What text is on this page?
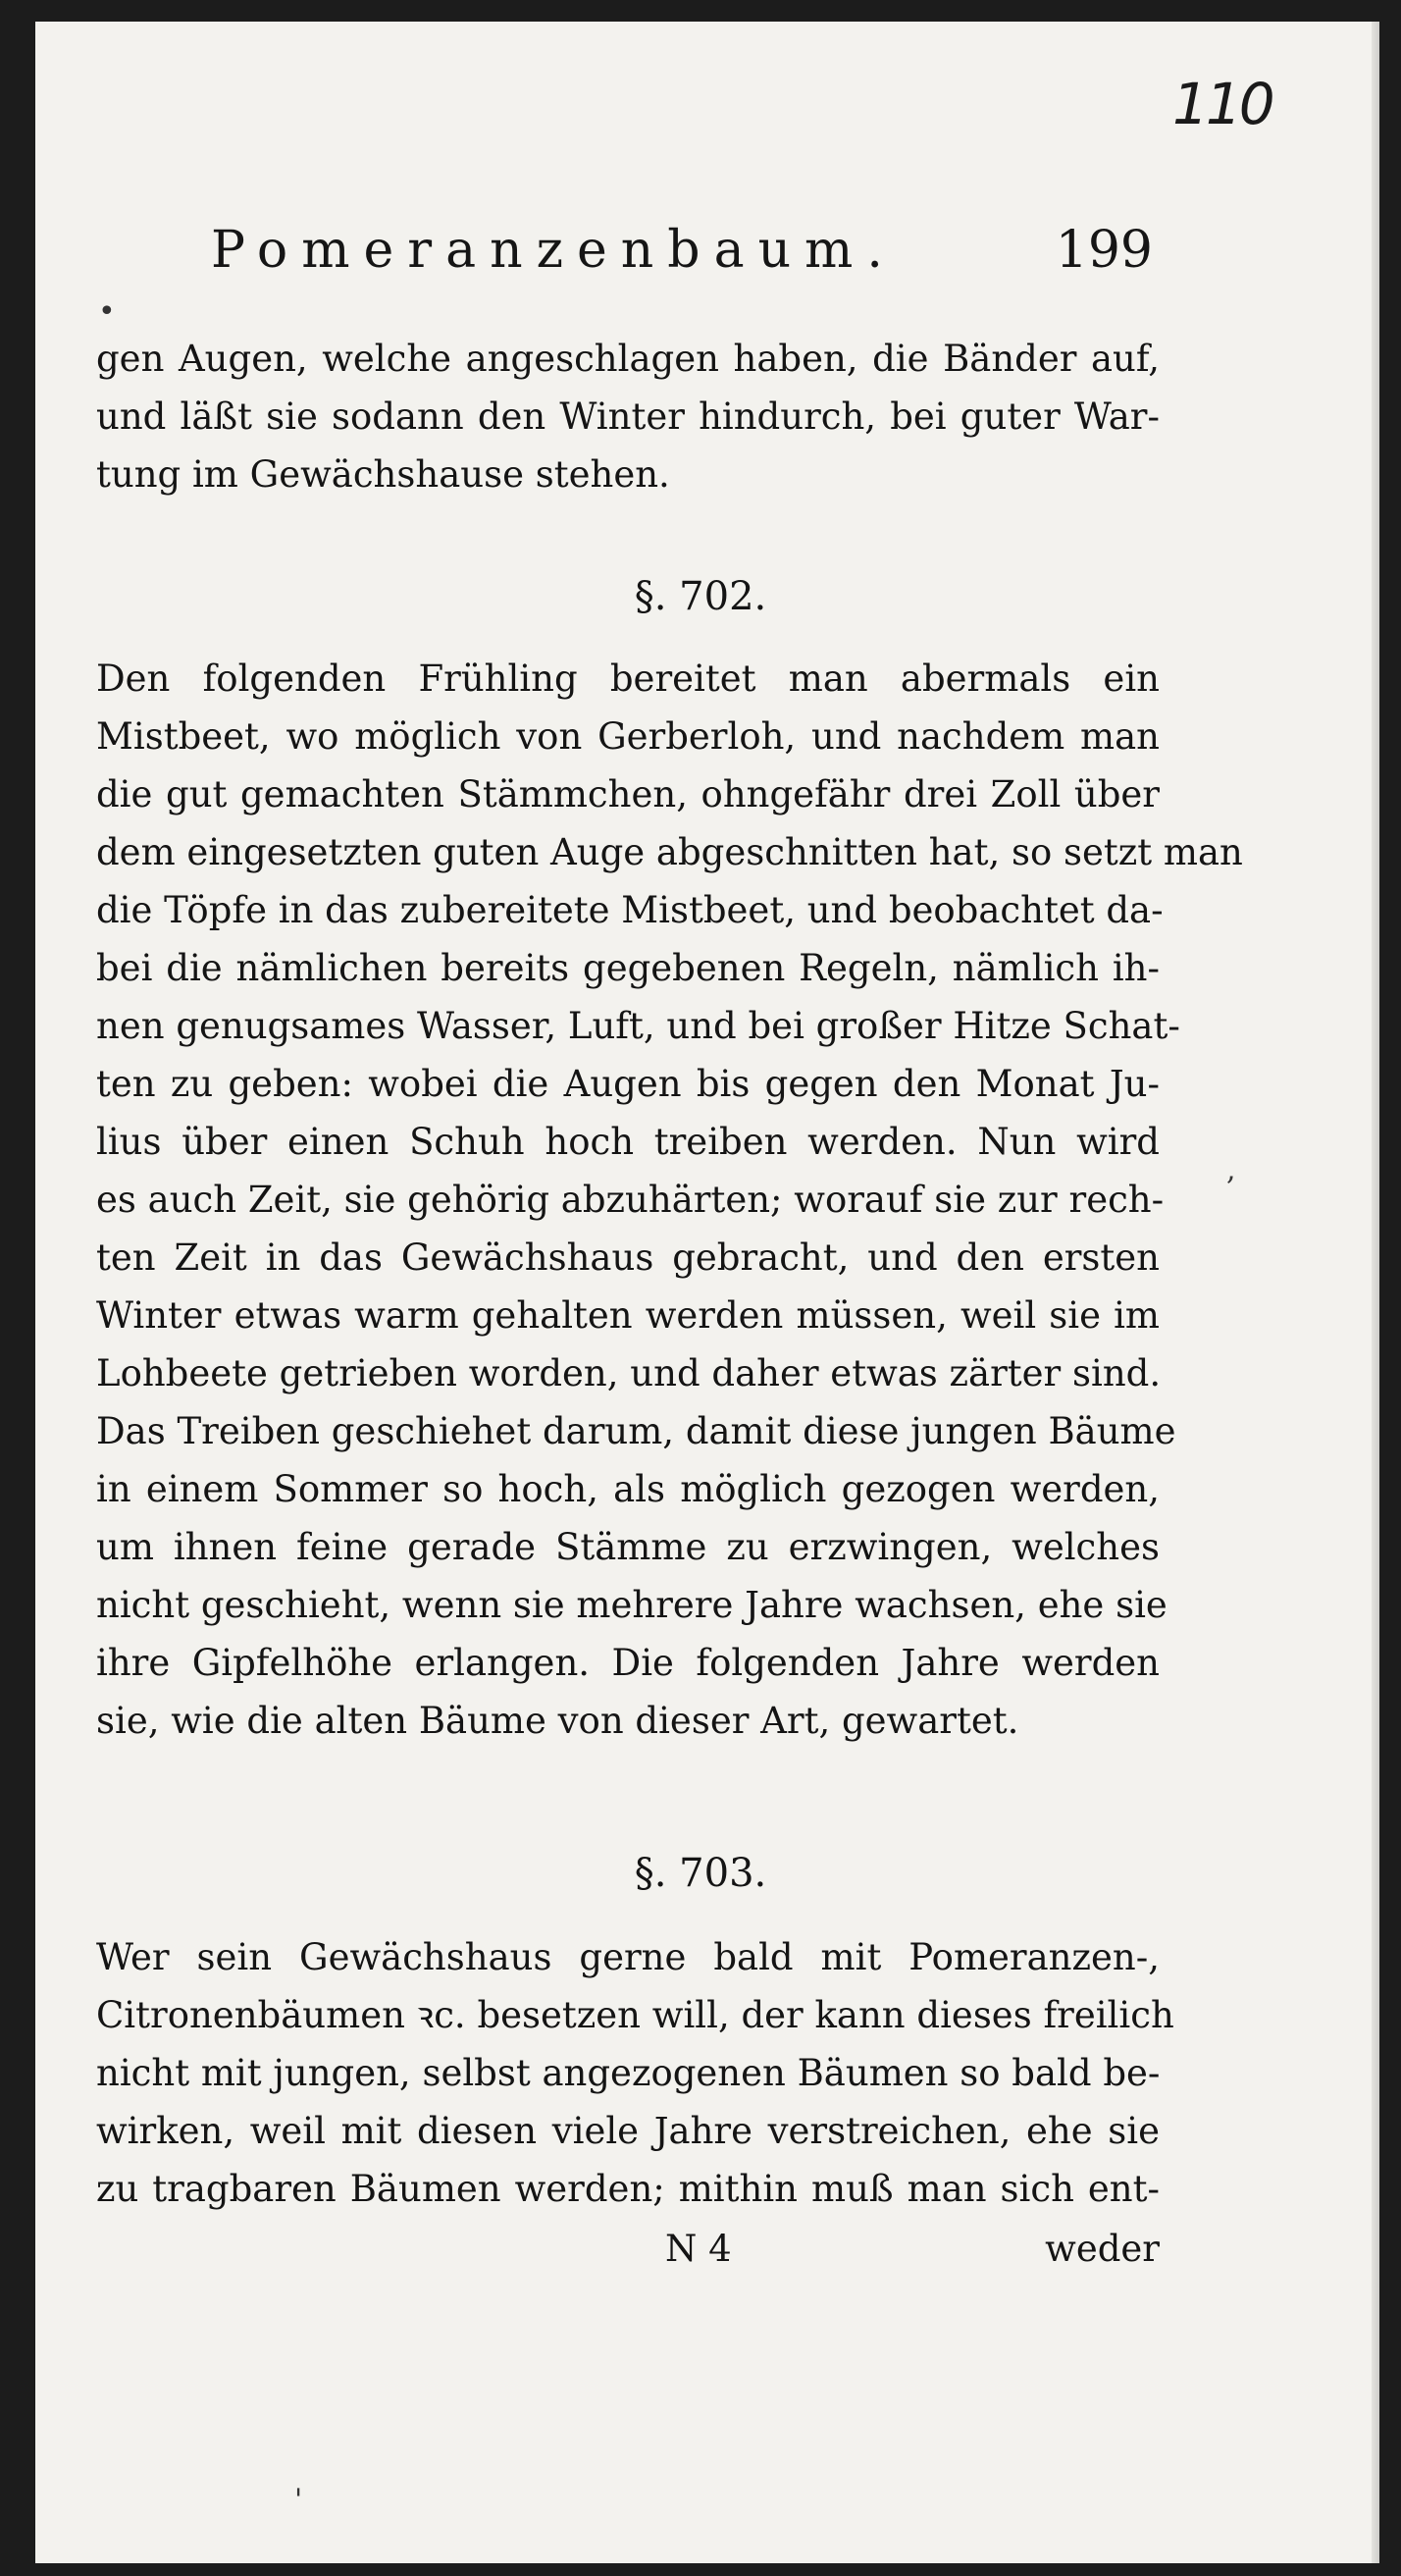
110
Pomeranzenbaum.	199
•
gen Augen, welche angeschlagen haben, die Bänder auf,
und läßt sie sodann den Winter hindurch, bei guter War-
tung im Gewächshause stehen.
§. 702.
Den folgenden Frühling bereitet man abermals ein
Mistbeet, wo möglich von Gerberloh, und nachdem man
die gut gemachten Stämmchen, ohngefähr drei Zoll über
dem eingesetzten guten Auge abgeschnitten hat, so setzt man
die Töpfe in das zubereitete Mistbeet, und beobachtet da-
bei die nämlichen bereits gegebenen Regeln, nämlich ih-
nen genugsames Wasser, Luft, und bei großer Hitze Schat-
ten zu geben: wobei die Augen bis gegen den Monat Ju-
lius über einen Schuh hoch treiben werden. Nun wird
es auch Zeit, sie gehörig abzuhärten; worauf sie zur rech-
ten Zeit in das Gewächshaus gebracht, und den ersten
Winter etwas warm gehalten werden müssen, weil sie im
Lohbeete getrieben worden, und daher etwas zärter sind.
Das Treiben geschiehet darum, damit diese jungen Bäume
in einem Sommer so hoch, als möglich gezogen werden,
um ihnen feine gerade Stämme zu erzwingen, welches
nicht geschieht, wenn sie mehrere Jahre wachsen, ehe sie
ihre Gipfelhöhe erlangen. Die folgenden Jahre werden
sie, wie die alten Bäume von dieser Art, gewartet.
§. 703.
Wer sein Gewächshaus gerne bald mit Pomeranzen-,
Citronenbäumen ꝛc. besetzen will, der kann dieses freilich
nicht mit jungen, selbst angezogenen Bäumen so bald be-
wirken, weil mit diesen viele Jahre verstreichen, ehe sie
zu tragbaren Bäumen werden; mithin muß man sich ent-
N 4	weder
,
'
